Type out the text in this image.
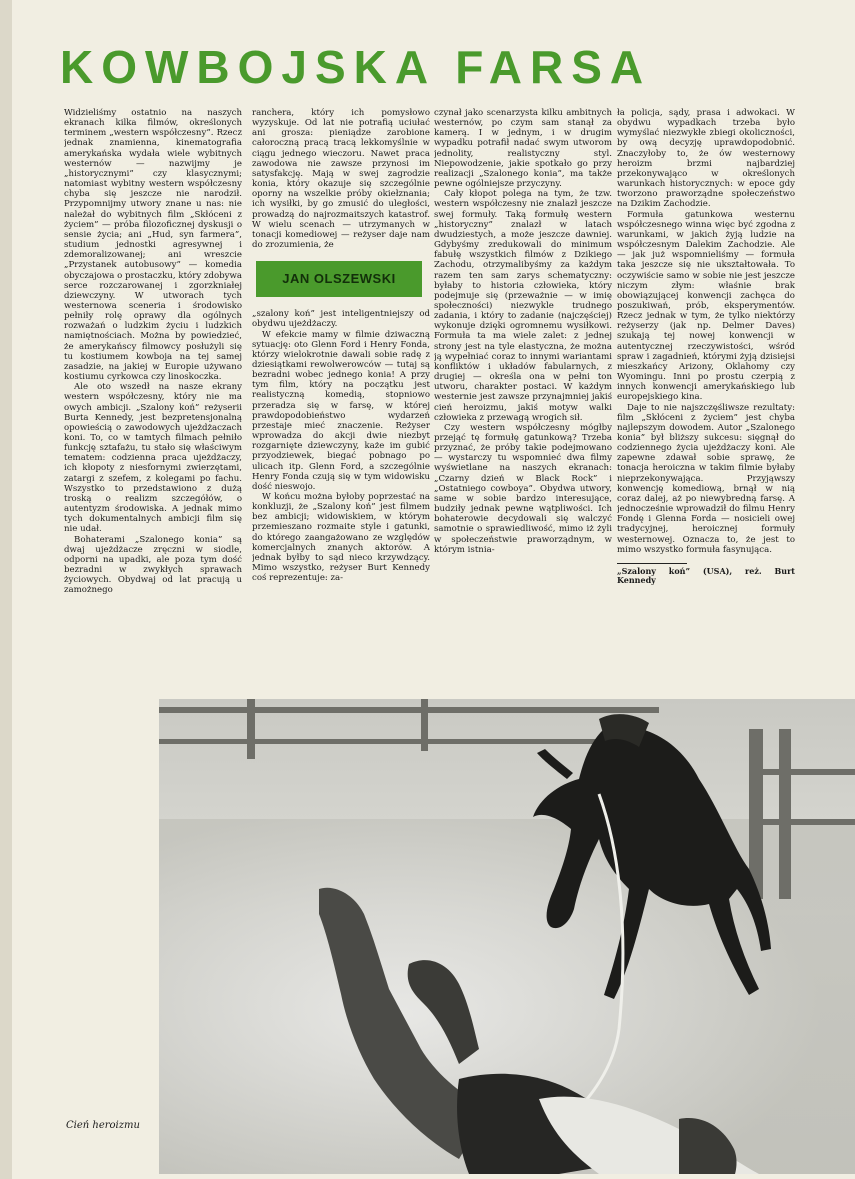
KOWBOJSKA FARSA

Widzieliśmy ostatnio na naszych ekranach kilka filmów, określonych terminem „western współczesny”. Rzecz jednak znamienna, kinematografia amerykańska wydała wiele wybitnych westernów — nazwijmy je „historycznymi” czy klasycznymi; natomiast wybitny western współczesny chyba się jeszcze nie narodził. Przypomnijmy utwory znane u nas: nie należał do wybitnych film „Skłóceni z życiem” — próba filozoficznej dyskusji o sensie życia; ani „Hud, syn farmera”, studium jednostki agresywnej i zdemoralizowanej; ani wreszcie „Przystanek autobusowy” — komedia obyczajowa o prostaczku, który zdobywa serce rozczarowanej i zgorzkniałej dziewczyny. W utworach tych westernowa sceneria i środowisko pełniły rolę oprawy dla ogólnych rozważań o ludzkim życiu i ludzkich namiętnościach. Można by powiedzieć, że amerykańscy filmowcy posłużyli się tu kostiumem kowboja na tej samej zasadzie, na jakiej w Europie używano kostiumu cyrkowca czy linoskoczka.

Ale oto wszedł na nasze ekrany western współczesny, który nie ma owych ambicji. „Szalony koń” reżyserii Burta Kennedy, jest bezpretensjonalną opowieścią o zawodowych ujeżdżaczach koni. To, co w tamtych filmach pełniło funkcję sztafażu, tu stało się właściwym tematem: codzienna praca ujeżdżaczy, ich kłopoty z niesfornymi zwierzętami, zatargi z szefem, z kolegami po fachu. Wszystko to przedstawiono z dużą troską o realizm szczegółów, o autentyzm środowiska. A jednak mimo tych dokumentalnych ambicji film się nie udał.

Bohaterami „Szalonego konia” są dwaj ujeżdżacze zręczni w siodle, odporni na upadki, ale poza tym dość bezradni w zwykłych sprawach życiowych. Obydwaj od lat pracują u zamożnego

ranchera, który ich pomysłowo wyzyskuje. Od lat nie potrafią uciułać ani grosza: pieniądze zarobione całoroczną pracą tracą lekkomyślnie w ciągu jednego wieczoru. Nawet praca zawodowa nie zawsze przynosi im satysfakcję. Mają w swej zagrodzie konia, który okazuje się szczególnie oporny na wszelkie próby okiełznania; ich wysiłki, by go zmusić do uległości, prowadzą do najrozmaitszych katastrof. W wielu scenach — utrzymanych w tonacji komediowej — reżyser daje nam do zrozumienia, że

JAN OLSZEWSKI

„szalony koń” jest inteligentniejszy od obydwu ujeżdżaczy.

W efekcie mamy w filmie dziwaczną sytuację: oto Glenn Ford i Henry Fonda, którzy wielokrotnie dawali sobie radę z dziesiątkami rewolwerowców — tutaj są bezradni wobec jednego konia! A przy tym film, który na początku jest realistyczną komedią, stopniowo przeradza się w farsę, w której prawdopodobieństwo wydarzeń przestaje mieć znaczenie. Reżyser wprowadza do akcji dwie niezbyt rozgarnięte dziewczyny, każe im gubić przyodziewek, biegać pobnago po ulicach itp. Glenn Ford, a szczególnie Henry Fonda czują się w tym widowisku dość nieswojo.

W końcu można byłoby poprzestać na konkluzji, że „Szalony koń” jest filmem bez ambicji; widowiskiem, w którym przemieszano rozmaite style i gatunki, do którego zaangażowano ze względów komercjalnych znanych aktorów. A jednak byłby to sąd nieco krzywdzący. Mimo wszystko, reżyser Burt Kennedy coś reprezentuje: za-

czynał jako scenarzysta kilku ambitnych westernów, po czym sam stanął za kamerą. I w jednym, i w drugim wypadku potrafił nadać swym utworom jednolity, realistyczny styl. Niepowodzenie, jakie spotkało go przy realizacji „Szalonego konia”, ma także pewne ogólniejsze przyczyny.

Cały kłopot polega na tym, że tzw. western współczesny nie znalazł jeszcze swej formuły. Taką formułę western „historyczny” znalazł w latach dwudziestych, a może jeszcze dawniej. Gdybyśmy zredukowali do minimum fabułę wszystkich filmów z Dzikiego Zachodu, otrzymalibyśmy za każdym razem ten sam zarys schematyczny: byłaby to historia człowieka, który podejmuje się (przeważnie — w imię społeczności) niezwykle trudnego zadania, i który to zadanie (najczęściej) wykonuje dzięki ogromnemu wysiłkowi. Formuła ta ma wiele zalet: z jednej strony jest na tyle elastyczna, że można ją wypełniać coraz to innymi wariantami konfliktów i układów fabularnych, z drugiej — określa ona w pełni ton utworu, charakter postaci. W każdym westernie jest zawsze przynajmniej jakiś cień heroizmu, jakiś motyw walki człowieka z przewagą wrogich sił.

Czy western współczesny mógłby przejąć tę formułę gatunkową? Trzeba przyznać, że próby takie podejmowano — wystarczy tu wspomnieć dwa filmy wyświetlane na naszych ekranach: „Czarny dzień w Black Rock” i „Ostatniego cowboya”. Obydwa utwory, same w sobie bardzo interesujące, budziły jednak pewne wątpliwości. Ich bohaterowie decydowali się walczyć samotnie o sprawiedliwość, mimo iż żyli w społeczeństwie praworządnym, w którym istnia-

ła policja, sądy, prasa i adwokaci. W obydwu wypadkach trzeba było wymyślać niezwykłe zbiegi okoliczności, by ową decyzję uprawdopodobnić. Znaczyłoby to, że ów westernowy heroizm brzmi najbardziej przekonywająco w określonych warunkach historycznych: w epoce gdy tworzono praworządne społeczeństwo na Dzikim Zachodzie.

Formuła gatunkowa westernu współczesnego winna więc być zgodna z warunkami, w jakich żyją ludzie na współczesnym Dalekim Zachodzie. Ale — jak już wspomnieliśmy — formuła taka jeszcze się nie ukształtowała. To oczywiście samo w sobie nie jest jeszcze niczym złym: właśnie brak obowiązującej konwencji zachęca do poszukiwań, prób, eksperymentów. Rzecz jednak w tym, że tylko niektórzy reżyserzy (jak np. Delmer Daves) szukają tej nowej konwencji w autentycznej rzeczywistości, wśród spraw i zagadnień, którymi żyją dzisiejsi mieszkańcy Arizony, Oklahomy czy Wyomingu. Inni po prostu czerpią z innych konwencji amerykańskiego lub europejskiego kina.

Daje to nie najszczęśliwsze rezultaty: film „Skłóceni z życiem” jest chyba najlepszym dowodem. Autor „Szalonego konia” był bliższy sukcesu: sięgnął do codziennego życia ujeżdżaczy koni. Ale zapewne zdawał sobie sprawę, że tonacja heroiczna w takim filmie byłaby nieprzekonywająca. Przyjąwszy konwencję komediową, brnął w nią coraz dalej, aż po niewybredną farsę. A jednocześnie wprowadził do filmu Henry Fondę i Glenna Forda — nosicieli owej tradycyjnej, heroicznej formuły westernowej. Oznacza to, że jest to mimo wszystko formuła fasynująca.

„Szalony koń” (USA), reż. Burt Kennedy

Cień heroizmu
